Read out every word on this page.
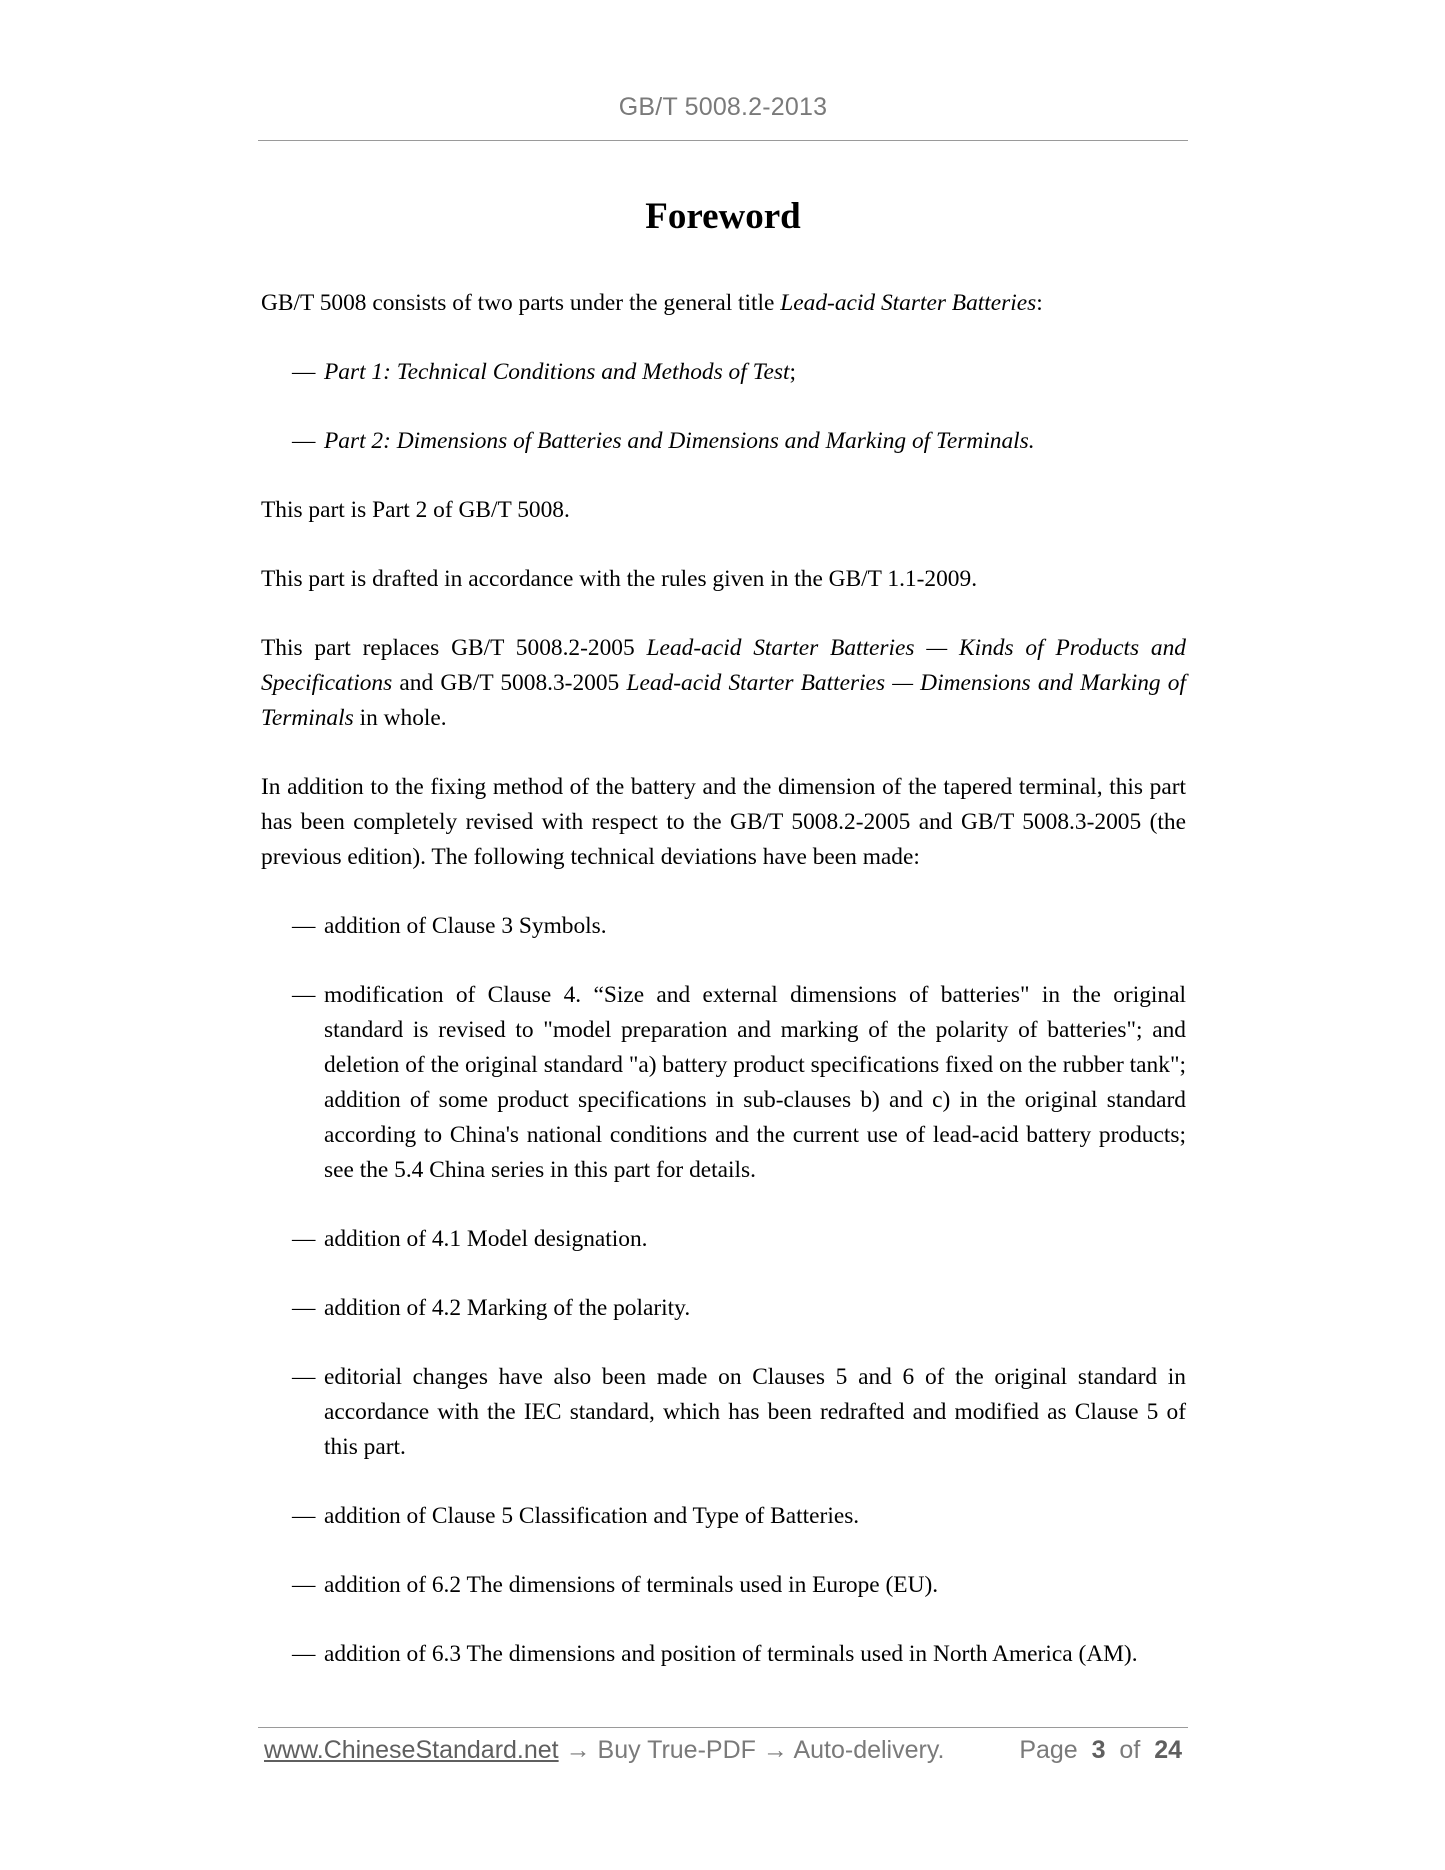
GB/T 5008.2-2013
Foreword

GB/T 5008 consists of two parts under the general title Lead-acid Starter Batteries:

— Part 1: Technical Conditions and Methods of Test;
— Part 2: Dimensions of Batteries and Dimensions and Marking of Terminals.

This part is Part 2 of GB/T 5008.

This part is drafted in accordance with the rules given in the GB/T 1.1-2009.

This part replaces GB/T 5008.2-2005 Lead-acid Starter Batteries — Kinds of Products and Specifications and GB/T 5008.3-2005 Lead-acid Starter Batteries — Dimensions and Marking of Terminals in whole.

In addition to the fixing method of the battery and the dimension of the tapered terminal, this part has been completely revised with respect to the GB/T 5008.2-2005 and GB/T 5008.3-2005 (the previous edition). The following technical deviations have been made:

— addition of Clause 3 Symbols.
— modification of Clause 4. “Size and external dimensions of batteries" in the original standard is revised to "model preparation and marking of the polarity of batteries"; and deletion of the original standard "a) battery product specifications fixed on the rubber tank"; addition of some product specifications in sub-clauses b) and c) in the original standard according to China's national conditions and the current use of lead-acid battery products; see the 5.4 China series in this part for details.
— addition of 4.1 Model designation.
— addition of 4.2 Marking of the polarity.
— editorial changes have also been made on Clauses 5 and 6 of the original standard in accordance with the IEC standard, which has been redrafted and modified as Clause 5 of this part.
— addition of Clause 5 Classification and Type of Batteries.
— addition of 6.2 The dimensions of terminals used in Europe (EU).
— addition of 6.3 The dimensions and position of terminals used in North America (AM).
www.ChineseStandard.net → Buy True-PDF → Auto-delivery.	Page 3 of 24
